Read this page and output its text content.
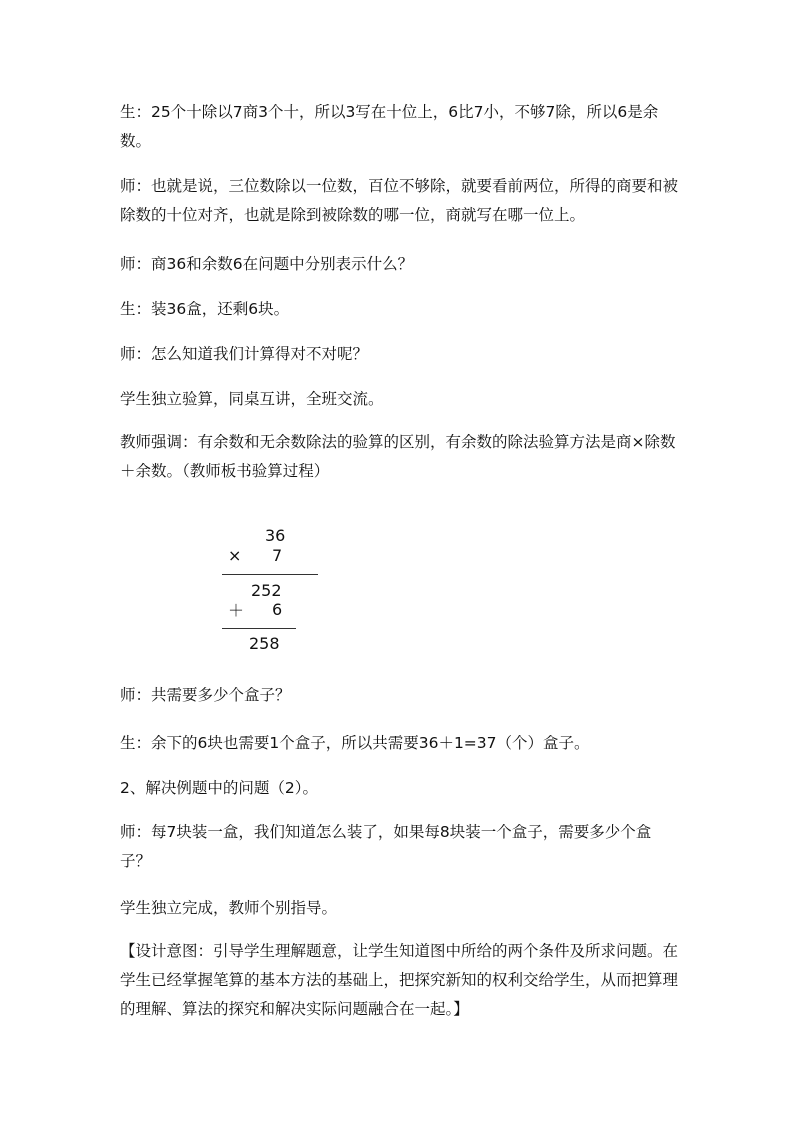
生：25个十除以7商3个十，所以3写在十位上，6比7小，不够7除，所以6是余数。

师：也就是说，三位数除以一位数，百位不够除，就要看前两位，所得的商要和被除数的十位对齐，也就是除到被除数的哪一位，商就写在哪一位上。

师：商36和余数6在问题中分别表示什么？

生：装36盒，还剩6块。

师：怎么知道我们计算得对不对呢？

学生独立验算，同桌互讲，全班交流。

教师强调：有余数和无余数除法的验算的区别，有余数的除法验算方法是商×除数＋余数。（教师板书验算过程）

36
× 7
252
＋ 6
258

师：共需要多少个盒子？

生：余下的6块也需要1个盒子，所以共需要36＋1=37（个）盒子。

2、解决例题中的问题（2）。

师：每7块装一盒，我们知道怎么装了，如果每8块装一个盒子，需要多少个盒子？

学生独立完成，教师个别指导。

【设计意图：引导学生理解题意，让学生知道图中所给的两个条件及所求问题。在学生已经掌握笔算的基本方法的基础上，把探究新知的权利交给学生，从而把算理的理解、算法的探究和解决实际问题融合在一起。】
